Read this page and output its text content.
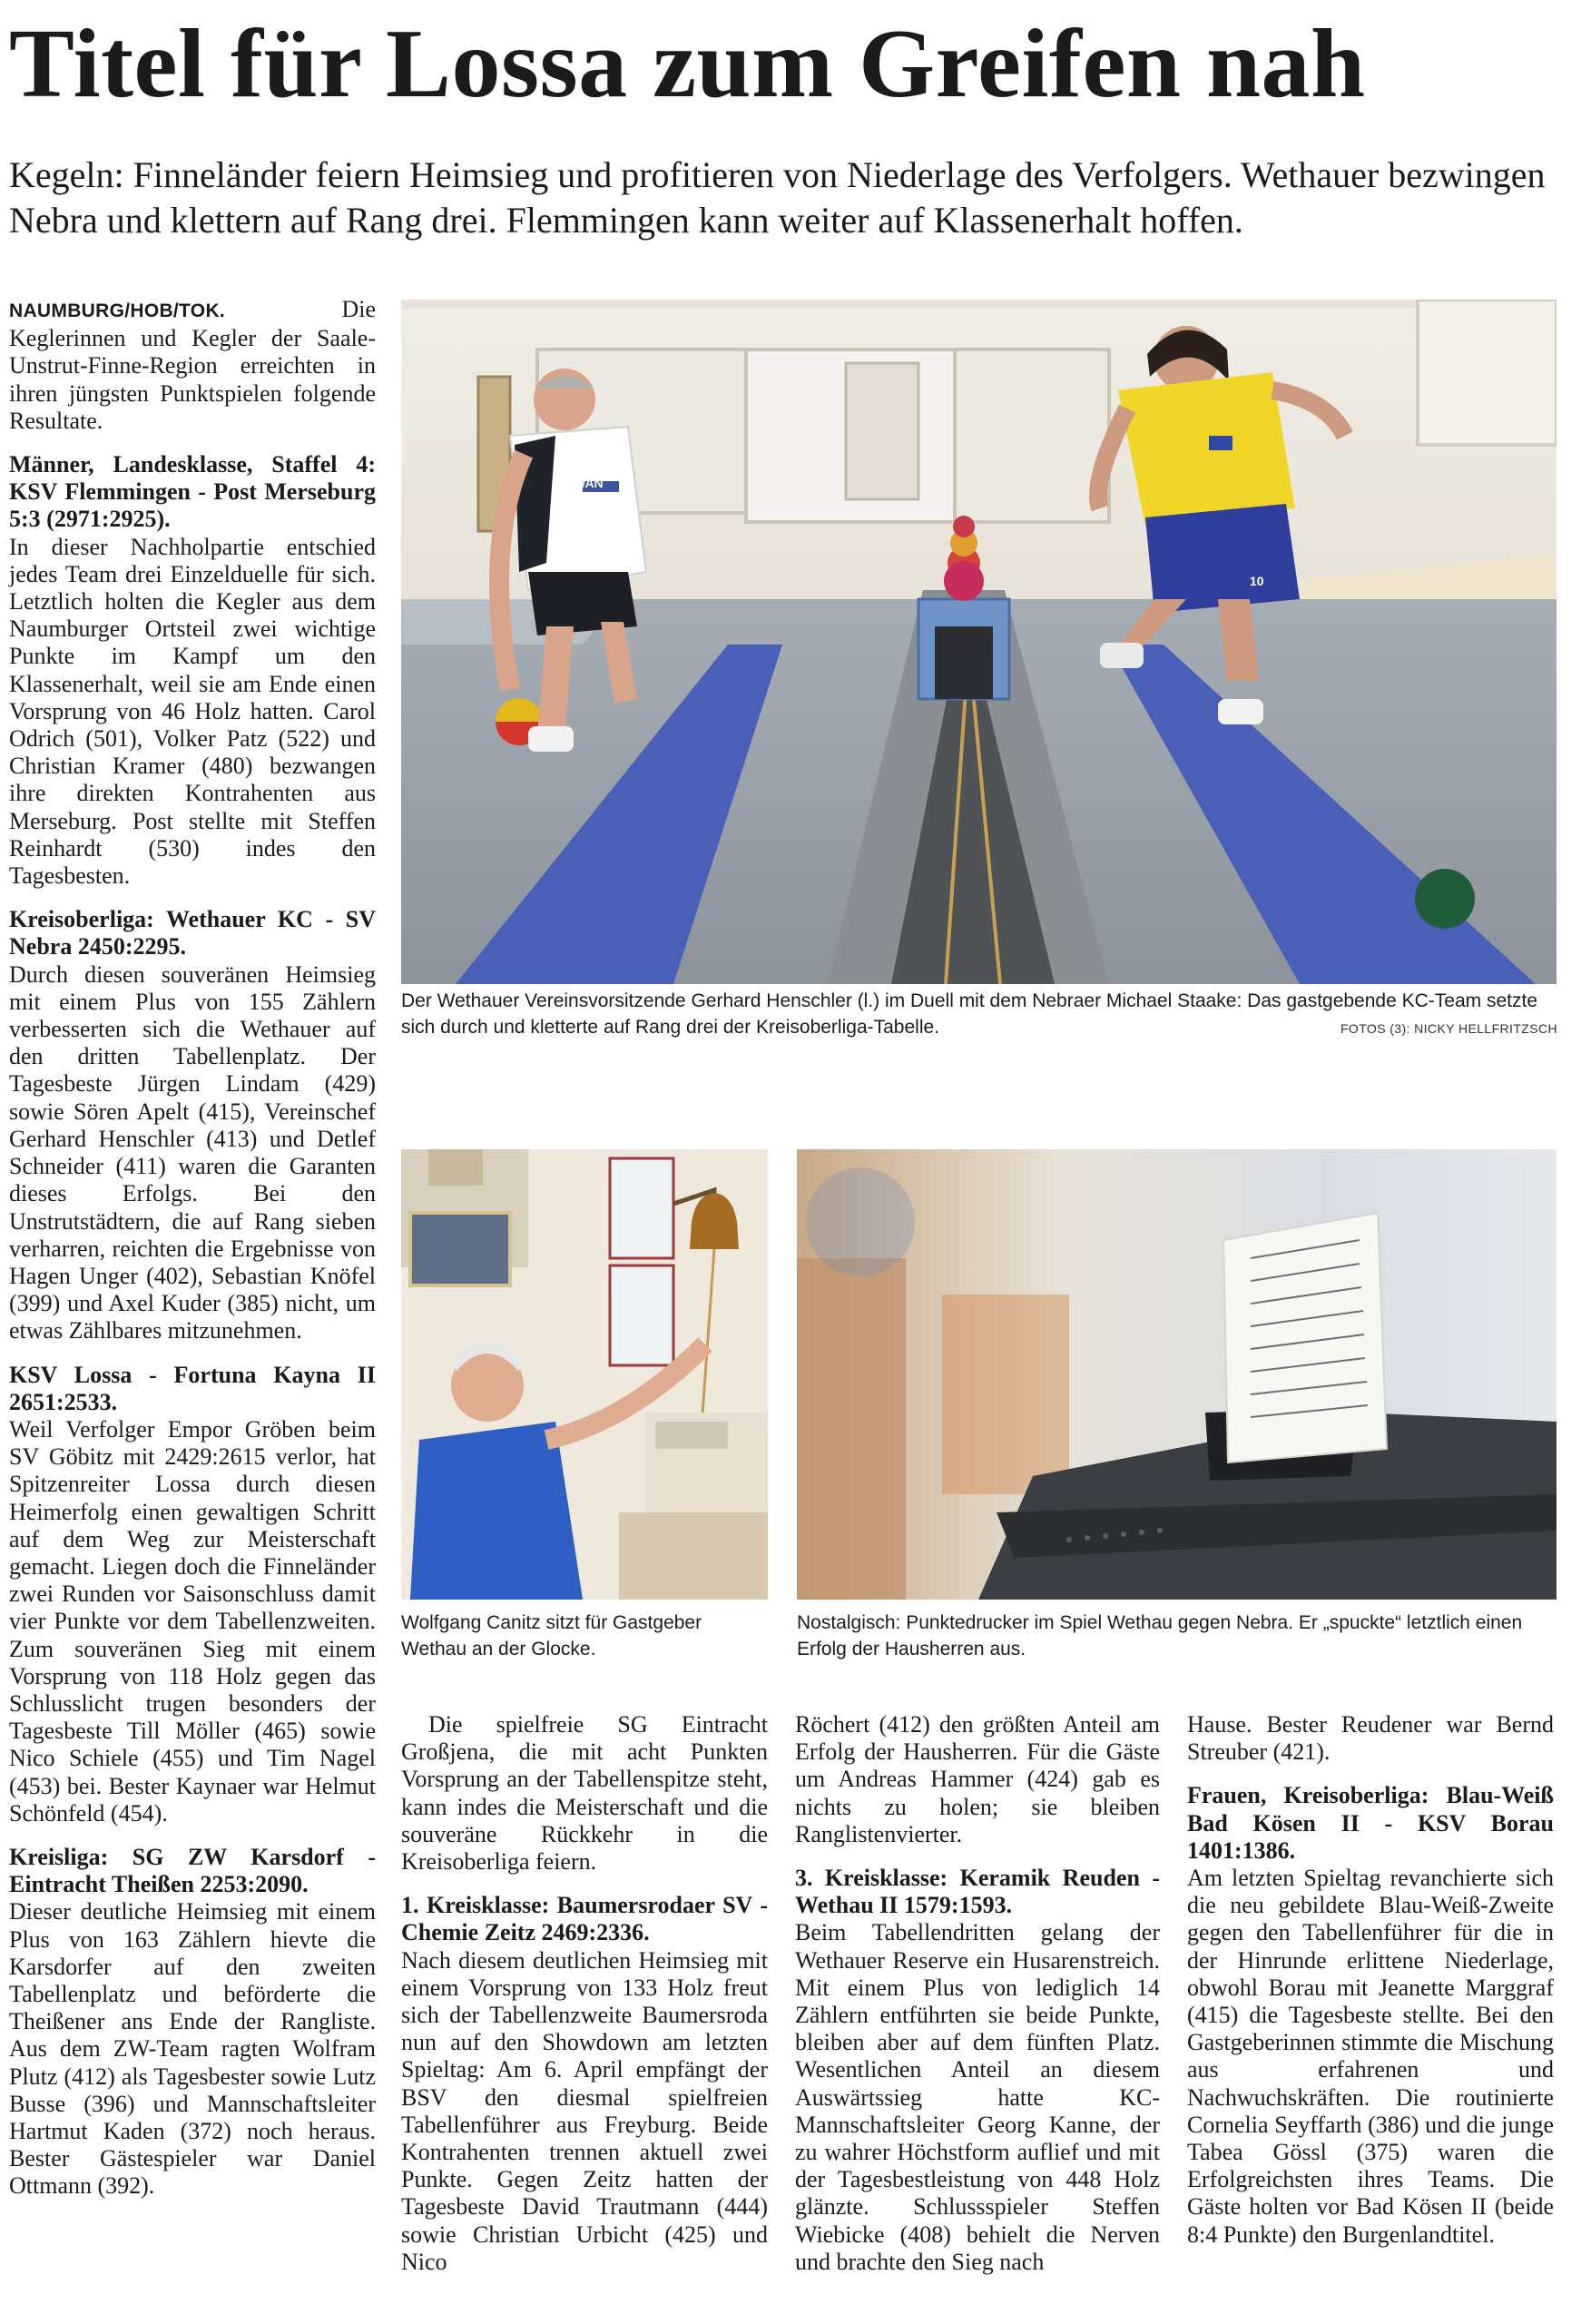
Titel für Lossa zum Greifen nah

Kegeln: Finneländer feiern Heimsieg und profitieren von Niederlage des Verfolgers. Wethauer bezwingen Nebra und klettern auf Rang drei. Flemmingen kann weiter auf Klassenerhalt hoffen.

NAUMBURG/HOB/TOK.	Die Keglerinnen und Kegler der Saale-Unstrut-Finne-Region erreichten in ihren jüngsten Punktspielen folgende Resultate.

Männer, Landesklasse, Staffel 4: KSV Flemmingen - Post Merseburg 5:3 (2971:2925).

In dieser Nachholpartie entschied jedes Team drei Einzelduelle für sich. Letztlich holten die Kegler aus dem Naumburger Ortsteil zwei wichtige Punkte im Kampf um den Klassenerhalt, weil sie am Ende einen Vorsprung von 46 Holz hatten. Carol Odrich (501), Volker Patz (522) und Christian Kramer (480) bezwangen ihre direkten Kontrahenten aus Merseburg. Post stellte mit Steffen Reinhardt (530) indes den Tagesbesten.

Kreisoberliga: Wethauer KC - SV Nebra 2450:2295.

Durch diesen souveränen Heimsieg mit einem Plus von 155 Zählern verbesserten sich die Wethauer auf den dritten Tabellenplatz. Der Tagesbeste Jürgen Lindam (429) sowie Sören Apelt (415), Vereinschef Gerhard Henschler (413) und Detlef Schneider (411) waren die Garanten dieses Erfolgs. Bei den Unstrutstädtern, die auf Rang sieben verharren, reichten die Ergebnisse von Hagen Unger (402), Sebastian Knöfel (399) und Axel Kuder (385) nicht, um etwas Zählbares mitzunehmen.

KSV Lossa - Fortuna Kayna II 2651:2533.

Weil Verfolger Empor Gröben beim SV Göbitz mit 2429:2615 verlor, hat Spitzenreiter Lossa durch diesen Heimerfolg einen gewaltigen Schritt auf dem Weg zur Meisterschaft gemacht. Liegen doch die Finneländer zwei Runden vor Saisonschluss damit vier Punkte vor dem Tabellenzweiten. Zum souveränen Sieg mit einem Vorsprung von 118 Holz gegen das Schlusslicht trugen besonders der Tagesbeste Till Möller (465) sowie Nico Schiele (455) und Tim Nagel (453) bei. Bester Kaynaer war Helmut Schönfeld (454).

Kreisliga: SG ZW Karsdorf - Eintracht Theißen 2253:2090.

Dieser deutliche Heimsieg mit einem Plus von 163 Zählern hievte die Karsdorfer auf den zweiten Tabellenplatz und beförderte die Theißener ans Ende der Rangliste. Aus dem ZW-Team ragten Wolfram Plutz (412) als Tagesbester sowie Lutz Busse (396) und Mannschaftsleiter Hartmut Kaden (372) noch heraus. Bester Gästespieler war Daniel Ottmann (392).

WAN
10
Der Wethauer Vereinsvorsitzende Gerhard Henschler (l.) im Duell mit dem Nebraer Michael Staake: Das gastgebende KC-Team setzte sich durch und kletterte auf Rang drei der Kreisoberliga-Tabelle.	FOTOS (3): NICKY HELLFRITZSCH
Wolfgang Canitz sitzt für Gastgeber Wethau an der Glocke.
Nostalgisch: Punktedrucker im Spiel Wethau gegen Nebra. Er „spuckte“ letztlich einen Erfolg der Hausherren aus.

Die spielfreie SG Eintracht Großjena, die mit acht Punkten Vorsprung an der Tabellenspitze steht, kann indes die Meisterschaft und die souveräne Rückkehr in die Kreisoberliga feiern.

1. Kreisklasse: Baumersrodaer SV - Chemie Zeitz 2469:2336.

Nach diesem deutlichen Heimsieg mit einem Vorsprung von 133 Holz freut sich der Tabellenzweite Baumersroda nun auf den Showdown am letzten Spieltag: Am 6. April empfängt der BSV den diesmal spielfreien Tabellenführer aus Freyburg. Beide Kontrahenten trennen aktuell zwei Punkte. Gegen Zeitz hatten der Tagesbeste David Trautmann (444) sowie Christian Urbicht (425) und Nico

Röchert (412) den größten Anteil am Erfolg der Hausherren. Für die Gäste um Andreas Hammer (424) gab es nichts zu holen; sie bleiben Ranglistenvierter.

3. Kreisklasse: Keramik Reuden - Wethau II 1579:1593.

Beim Tabellendritten gelang der Wethauer Reserve ein Husarenstreich. Mit einem Plus von lediglich 14 Zählern entführten sie beide Punkte, bleiben aber auf dem fünften Platz. Wesentlichen Anteil an diesem Auswärtssieg hatte KC-Mannschaftsleiter Georg Kanne, der zu wahrer Höchstform auflief und mit der Tagesbestleistung von 448 Holz glänzte. Schlussspieler Steffen Wiebicke (408) behielt die Nerven und brachte den Sieg nach

Hause. Bester Reudener war Bernd Streuber (421).

Frauen, Kreisoberliga: Blau-Weiß Bad Kösen II - KSV Borau 1401:1386.

Am letzten Spieltag revanchierte sich die neu gebildete Blau-Weiß-Zweite gegen den Tabellenführer für die in der Hinrunde erlittene Niederlage, obwohl Borau mit Jeanette Marggraf (415) die Tagesbeste stellte. Bei den Gastgeberinnen stimmte die Mischung aus erfahrenen und Nachwuchskräften. Die routinierte Cornelia Seyffarth (386) und die junge Tabea Gössl (375) waren die Erfolgreichsten ihres Teams. Die Gäste holten vor Bad Kösen II (beide 8:4 Punkte) den Burgenlandtitel.
